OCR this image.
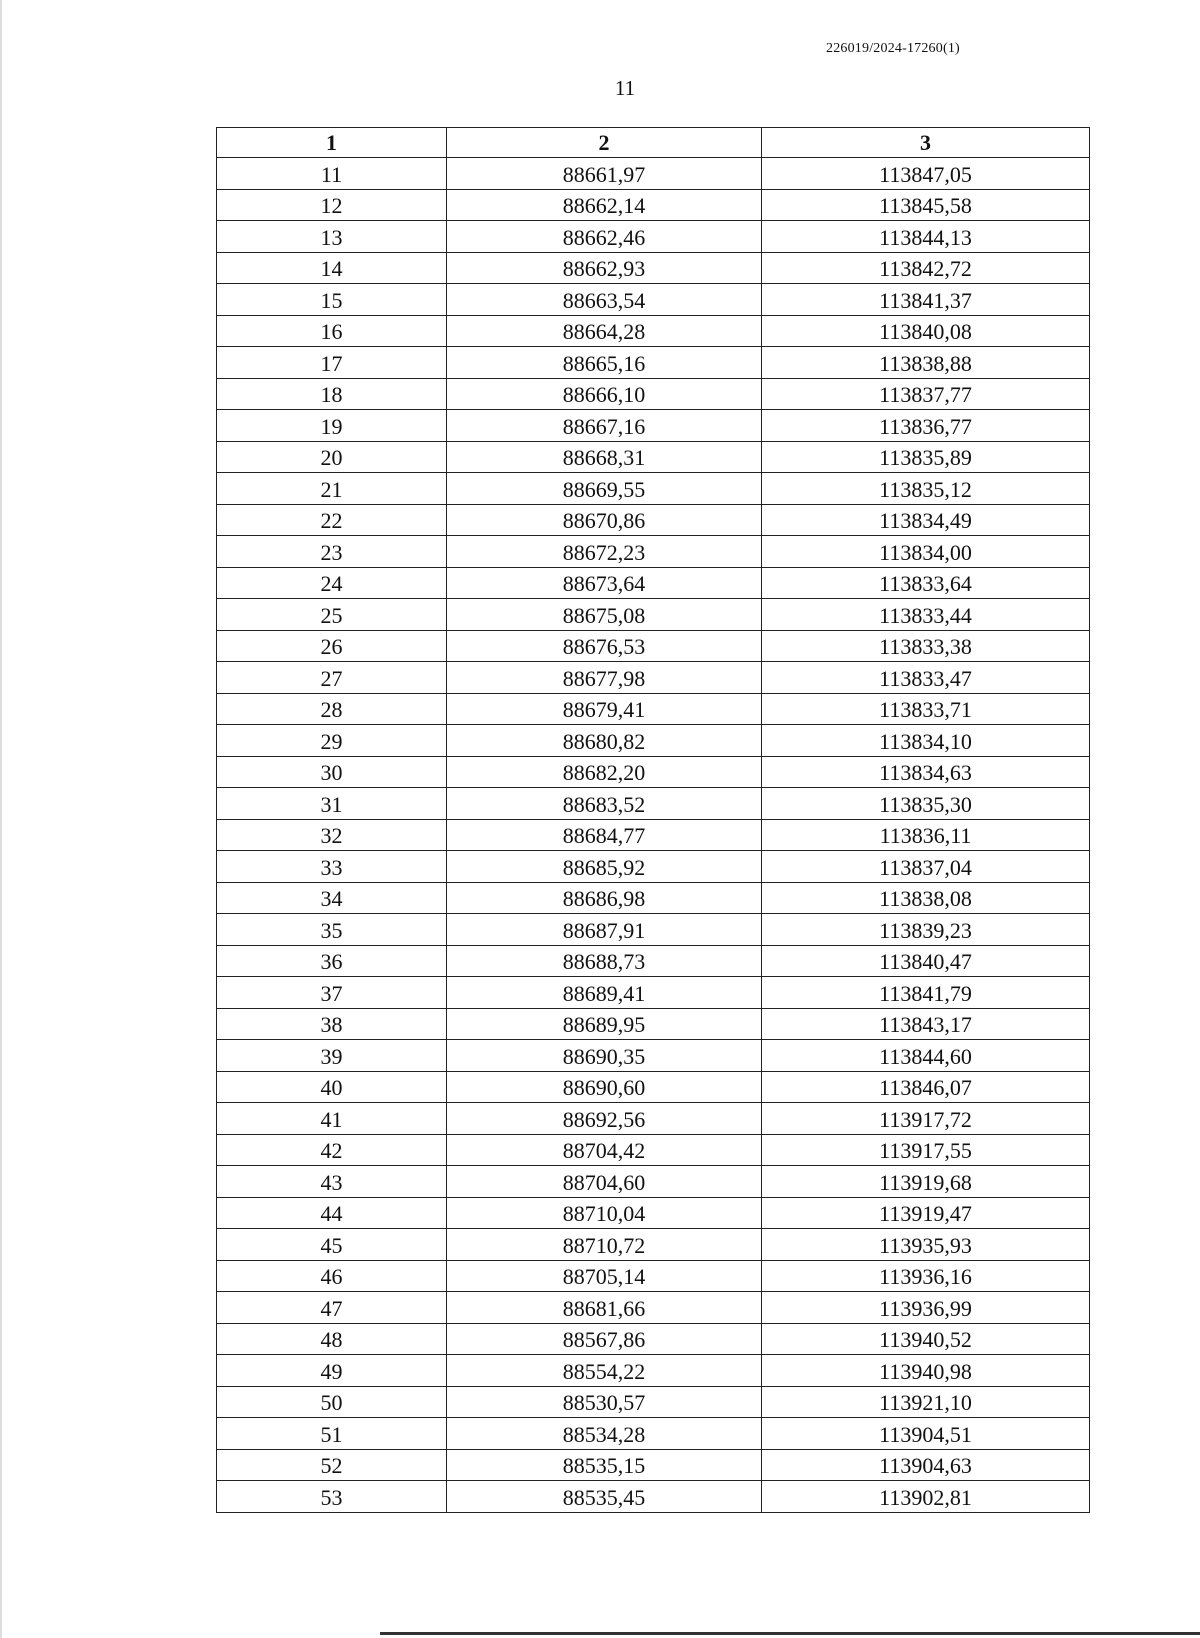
226019/2024-17260(1)
11
1	2	3
11	88661,97	113847,05
12	88662,14	113845,58
13	88662,46	113844,13
14	88662,93	113842,72
15	88663,54	113841,37
16	88664,28	113840,08
17	88665,16	113838,88
18	88666,10	113837,77
19	88667,16	113836,77
20	88668,31	113835,89
21	88669,55	113835,12
22	88670,86	113834,49
23	88672,23	113834,00
24	88673,64	113833,64
25	88675,08	113833,44
26	88676,53	113833,38
27	88677,98	113833,47
28	88679,41	113833,71
29	88680,82	113834,10
30	88682,20	113834,63
31	88683,52	113835,30
32	88684,77	113836,11
33	88685,92	113837,04
34	88686,98	113838,08
35	88687,91	113839,23
36	88688,73	113840,47
37	88689,41	113841,79
38	88689,95	113843,17
39	88690,35	113844,60
40	88690,60	113846,07
41	88692,56	113917,72
42	88704,42	113917,55
43	88704,60	113919,68
44	88710,04	113919,47
45	88710,72	113935,93
46	88705,14	113936,16
47	88681,66	113936,99
48	88567,86	113940,52
49	88554,22	113940,98
50	88530,57	113921,10
51	88534,28	113904,51
52	88535,15	113904,63
53	88535,45	113902,81
